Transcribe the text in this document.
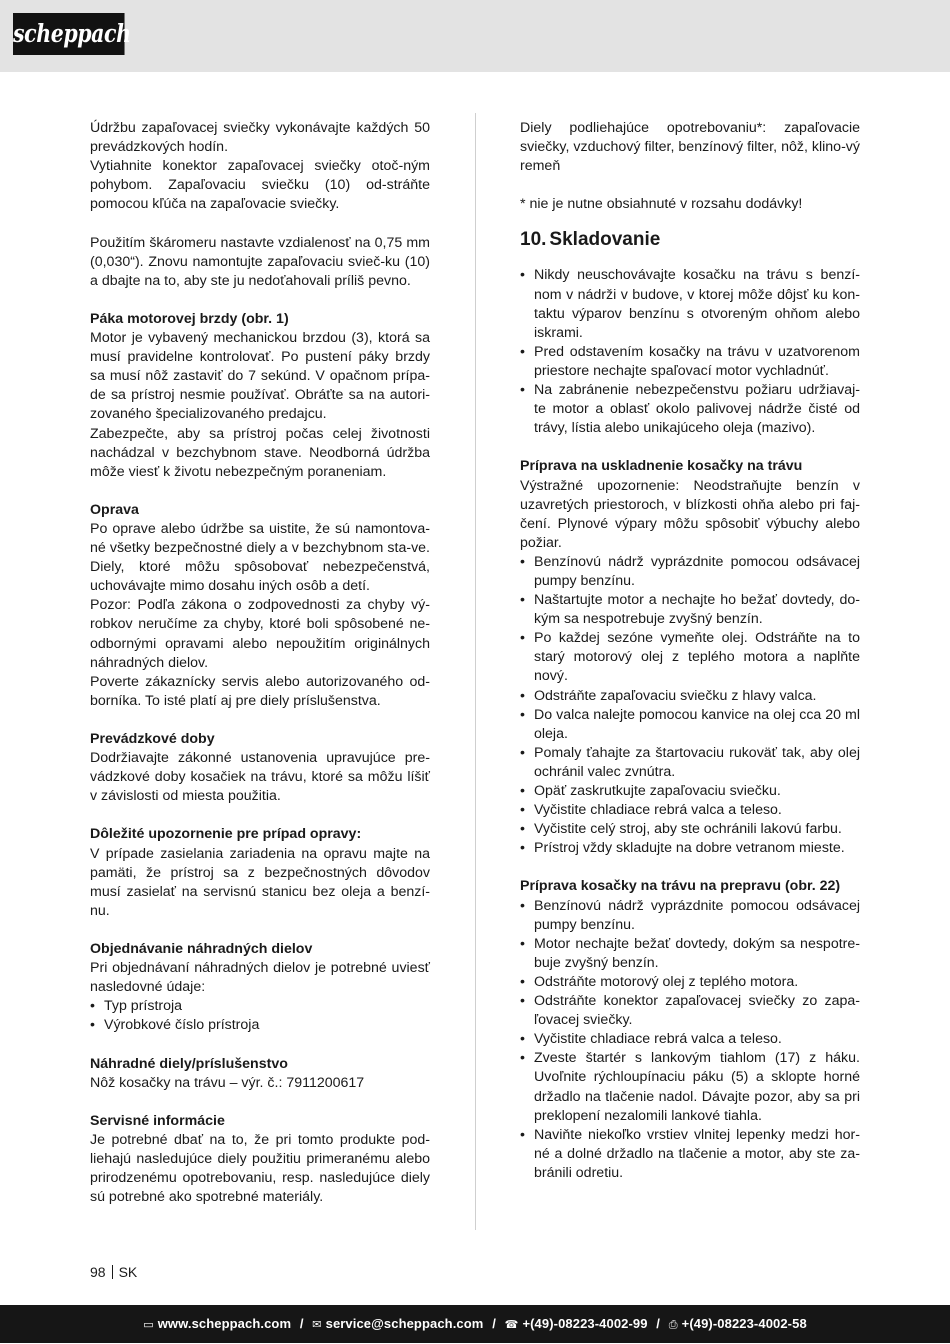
scheppach

Údržbu zapaľovacej sviečky vykonávajte každých 50 prevádzkových hodín.

Vytiahnite konektor zapaľovacej sviečky otoč-ným pohybom. Zapaľovaciu sviečku (10) od-stráňte pomocou kľúča na zapaľovacie sviečky.

Použitím škáromeru nastavte vzdialenosť na 0,75 mm (0,030“). Znovu namontujte zapaľovaciu svieč-ku (10) a dbajte na to, aby ste ju nedoťahovali príliš pevno.

Páka motorovej brzdy (obr. 1)

Motor je vybavený mechanickou brzdou (3), ktorá sa musí pravidelne kontrolovať. Po pustení páky brzdy sa musí nôž zastaviť do 7 sekúnd. V opačnom prípa-de sa prístroj nesmie používať. Obráťte sa na autori-zovaného špecializovaného predajcu.

Zabezpečte, aby sa prístroj počas celej životnosti nachádzal v bezchybnom stave. Neodborná údržba môže viesť k životu nebezpečným poraneniam.

Oprava

Po oprave alebo údržbe sa uistite, že sú namontova-né všetky bezpečnostné diely a v bezchybnom sta-ve. Diely, ktoré môžu spôsobovať nebezpečenstvá, uchovávajte mimo dosahu iných osôb a detí.

Pozor: Podľa zákona o zodpovednosti za chyby vý-robkov neručíme za chyby, ktoré boli spôsobené ne-odbornými opravami alebo nepoužitím originálnych náhradných dielov.

Poverte zákaznícky servis alebo autorizovaného od-borníka. To isté platí aj pre diely príslušenstva.

Prevádzkové doby

Dodržiavajte zákonné ustanovenia upravujúce pre-vádzkové doby kosačiek na trávu, ktoré sa môžu líšiť v závislosti od miesta použitia.

Dôležité upozornenie pre prípad opravy:

V prípade zasielania zariadenia na opravu majte na pamäti, že prístroj sa z bezpečnostných dôvodov musí zasielať na servisnú stanicu bez oleja a benzí-nu.

Objednávanie náhradných dielov

Pri objednávaní náhradných dielov je potrebné uviesť nasledovné údaje:

• Typ prístroja
• Výrobkové číslo prístroja

Náhradné diely/príslušenstvo

Nôž kosačky na trávu – výr. č.: 7911200617

Servisné informácie

Je potrebné dbať na to, že pri tomto produkte pod-liehajú nasledujúce diely použitiu primeranému alebo prirodzenému opotrebovaniu, resp. nasledujúce diely sú potrebné ako spotrebné materiály.

Diely podliehajúce opotrebovaniu*: zapaľovacie sviečky, vzduchový filter, benzínový filter, nôž, klino-vý remeň

* nie je nutne obsiahnuté v rozsahu dodávky!

10. Skladovanie
• Nikdy neuschovávajte kosačku na trávu s benzí-nom v nádrži v budove, v ktorej môže dôjsť ku kon-taktu výparov benzínu s otvoreným ohňom alebo iskrami.
• Pred odstavením kosačky na trávu v uzatvorenom priestore nechajte spaľovací motor vychladnúť.
• Na zabránenie nebezpečenstvu požiaru udržiavaj-te motor a oblasť okolo palivovej nádrže čisté od trávy, lístia alebo unikajúceho oleja (mazivo).

Príprava na uskladnenie kosačky na trávu

Výstražné upozornenie: Neodstraňujte benzín v uzavretých priestoroch, v blízkosti ohňa alebo pri faj-čení. Plynové výpary môžu spôsobiť výbuchy alebo požiar.

• Benzínovú nádrž vyprázdnite pomocou odsávacej pumpy benzínu.
• Naštartujte motor a nechajte ho bežať dovtedy, do-kým sa nespotrebuje zvyšný benzín.
• Po každej sezóne vymeňte olej. Odstráňte na to starý motorový olej z teplého motora a naplňte nový.
• Odstráňte zapaľovaciu sviečku z hlavy valca.
• Do valca nalejte pomocou kanvice na olej cca 20 ml oleja.
• Pomaly ťahajte za štartovaciu rukoväť tak, aby olej ochránil valec zvnútra.
• Opäť zaskrutkujte zapaľovaciu sviečku.
• Vyčistite chladiace rebrá valca a teleso.
• Vyčistite celý stroj, aby ste ochránili lakovú farbu.
• Prístroj vždy skladujte na dobre vetranom mieste.

Príprava kosačky na trávu na prepravu (obr. 22)

• Benzínovú nádrž vyprázdnite pomocou odsávacej pumpy benzínu.
• Motor nechajte bežať dovtedy, dokým sa nespotre-buje zvyšný benzín.
• Odstráňte motorový olej z teplého motora.
• Odstráňte konektor zapaľovacej sviečky zo zapa-ľovacej sviečky.
• Vyčistite chladiace rebrá valca a teleso.
• Zveste štartér s lankovým tiahlom (17) z háku. Uvoľnite rýchloupínaciu páku (5) a sklopte horné držadlo na tlačenie nadol. Dávajte pozor, aby sa pri preklopení nezalomili lankové tiahla.
• Naviňte niekoľko vrstiev vlnitej lepenky medzi hor-né a dolné držadlo na tlačenie a motor, aby ste za-bránili odretiu.
98 SK
▭ www.scheppach.com / ✉ service@scheppach.com / ☎ +(49)-08223-4002-99 / ⎙ +(49)-08223-4002-58
